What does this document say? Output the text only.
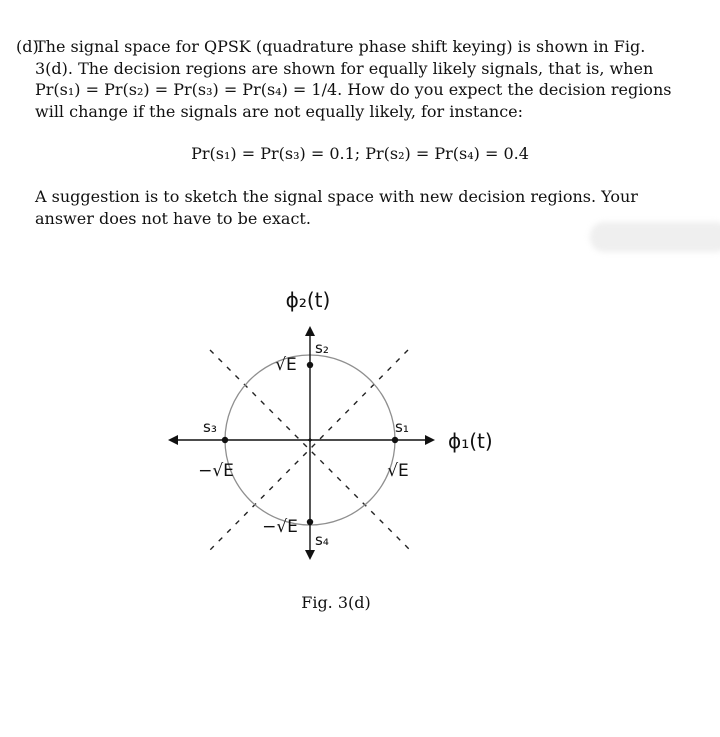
(d)
The signal space for QPSK (quadrature phase shift keying) is shown in Fig. 3(d). The decision regions are shown for equally likely signals, that is, when Pr(s₁) = Pr(s₂) = Pr(s₃) = Pr(s₄) = 1/4. How do you expect the decision regions will change if the signals are not equally likely, for instance:
Pr(s₁) = Pr(s₃) = 0.1; Pr(s₂) = Pr(s₄) = 0.4

A suggestion is to sketch the signal space with new decision regions. Your answer does not have to be exact.

ϕ₂(t)
ϕ₁(t)
s₁
s₂
s₃
s₄
√E
−√E
√E
−√E
Fig. 3(d)
